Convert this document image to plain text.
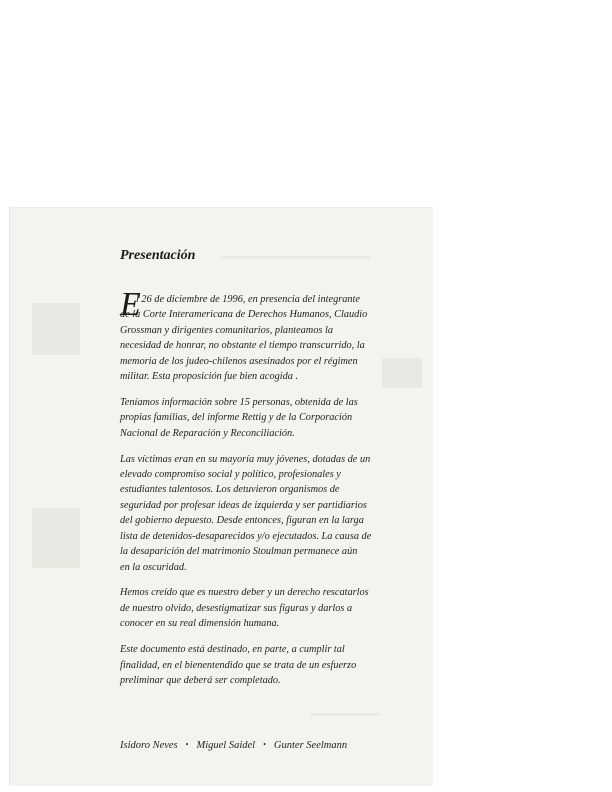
Presentación
E

l 26 de diciembre de 1996, en presencia del integrante
de la Corte Interamericana de Derechos Humanos, Claudio
Grossman y dirigentes comunitarios, planteamos la
necesidad de honrar, no obstante el tiempo transcurrido, la
memoria de los judeo-chilenos asesinados por el régimen
militar. Esta proposición fue bien acogida .

Teníamos información sobre 15 personas, obtenida de las
propias familias, del informe Rettig y de la Corporación
Nacional de Reparación y Reconciliación.

Las víctimas eran en su mayoría muy jóvenes, dotadas de un
elevado compromiso social y político, profesionales y
estudiantes talentosos. Los detuvieron organismos de
seguridad por profesar ideas de izquierda y ser partidiarios
del gobierno depuesto. Desde entonces, figuran en la larga
lista de detenidos-desaparecidos y/o ejecutados. La causa de
la desaparición del matrimonio Stoulman permanece aún
en la oscuridad.

Hemos creído que es nuestro deber y un derecho rescatarlos
de nuestro olvido, desestigmatizar sus figuras y darlos a
conocer en su real dimensión humana.

Este documento está destinado, en parte, a cumplir tal
finalidad, en el bienentendido que se trata de un esfuerzo
preliminar que deberá ser completado.

Isidoro Neves • Miguel Saidel • Gunter Seelmann
